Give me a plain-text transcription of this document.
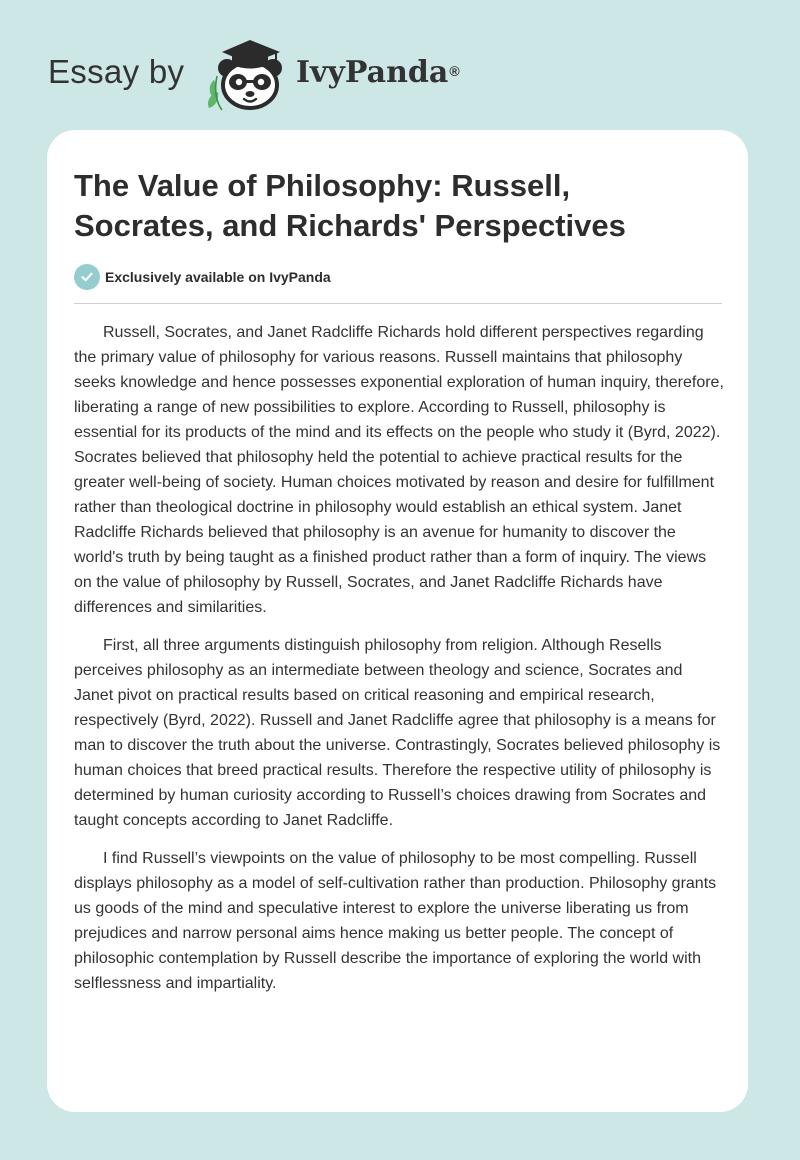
Essay by	IvyPanda®
The Value of Philosophy: Russell, Socrates, and Richards' Perspectives
Exclusively available on IvyPanda

Russell, Socrates, and Janet Radcliffe Richards hold different perspectives regarding the primary value of philosophy for various reasons. Russell maintains that philosophy seeks knowledge and hence possesses exponential exploration of human inquiry, therefore, liberating a range of new possibilities to explore. According to Russell, philosophy is essential for its products of the mind and its effects on the people who study it (Byrd, 2022). Socrates believed that philosophy held the potential to achieve practical results for the greater well-being of society. Human choices motivated by reason and desire for fulfillment rather than theological doctrine in philosophy would establish an ethical system. Janet Radcliffe Richards believed that philosophy is an avenue for humanity to discover the world's truth by being taught as a finished product rather than a form of inquiry. The views on the value of philosophy by Russell, Socrates, and Janet Radcliffe Richards have differences and similarities.

First, all three arguments distinguish philosophy from religion. Although Resells perceives philosophy as an intermediate between theology and science, Socrates and Janet pivot on practical results based on critical reasoning and empirical research, respectively (Byrd, 2022). Russell and Janet Radcliffe agree that philosophy is a means for man to discover the truth about the universe. Contrastingly, Socrates believed philosophy is human choices that breed practical results. Therefore the respective utility of philosophy is determined by human curiosity according to Russell’s choices drawing from Socrates and taught concepts according to Janet Radcliffe.

I find Russell’s viewpoints on the value of philosophy to be most compelling. Russell displays philosophy as a model of self-cultivation rather than production. Philosophy grants us goods of the mind and speculative interest to explore the universe liberating us from prejudices and narrow personal aims hence making us better people. The concept of philosophic contemplation by Russell describe the importance of exploring the world with selflessness and impartiality.
